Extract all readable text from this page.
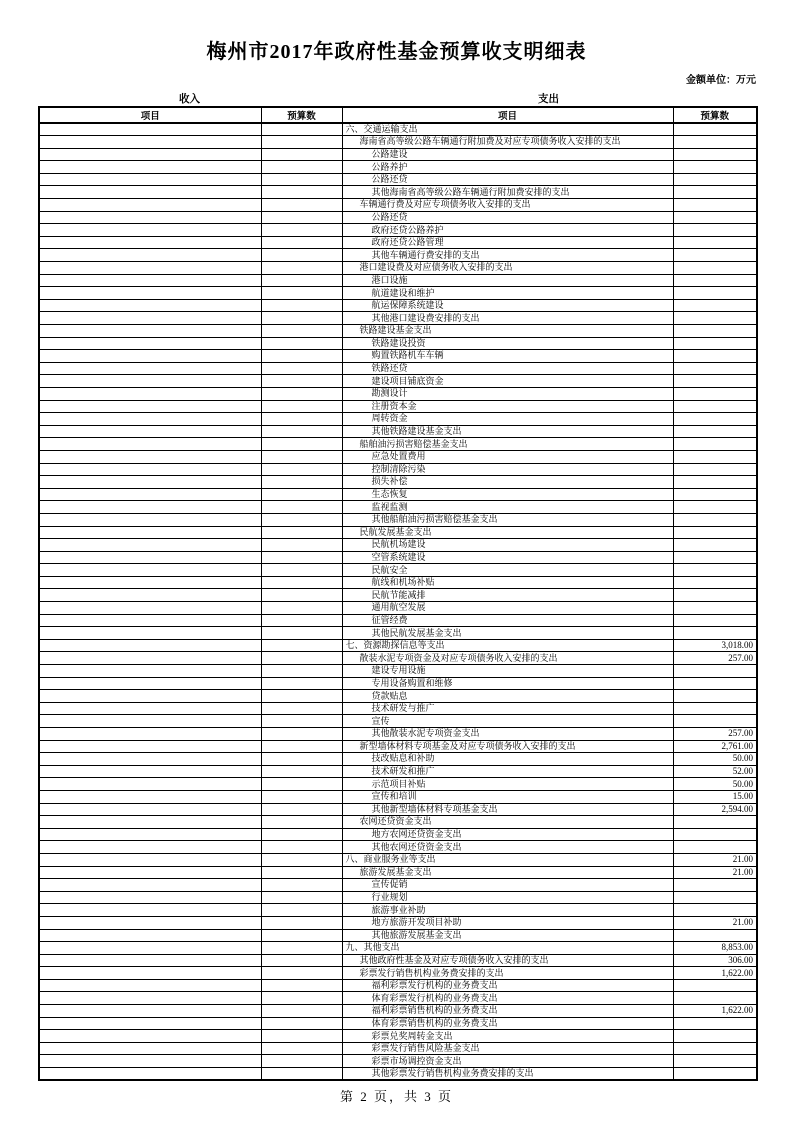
梅州市2017年政府性基金预算收支明细表
金额单位：万元
收入	支出
项目	预算数	项目	预算数
		六、交通运输支出	
		海南省高等级公路车辆通行附加费及对应专项债务收入安排的支出	
		公路建设	
		公路养护	
		公路还贷	
		其他海南省高等级公路车辆通行附加费安排的支出	
		车辆通行费及对应专项债务收入安排的支出	
		公路还贷	
		政府还贷公路养护	
		政府还贷公路管理	
		其他车辆通行费安排的支出	
		港口建设费及对应债务收入安排的支出	
		港口设施	
		航道建设和维护	
		航运保障系统建设	
		其他港口建设费安排的支出	
		铁路建设基金支出	
		铁路建设投资	
		购置铁路机车车辆	
		铁路还贷	
		建设项目铺底资金	
		勘测设计	
		注册资本金	
		周转资金	
		其他铁路建设基金支出	
		船舶油污损害赔偿基金支出	
		应急处置费用	
		控制清除污染	
		损失补偿	
		生态恢复	
		监视监测	
		其他船舶油污损害赔偿基金支出	
		民航发展基金支出	
		民航机场建设	
		空管系统建设	
		民航安全	
		航线和机场补贴	
		民航节能减排	
		通用航空发展	
		征管经费	
		其他民航发展基金支出	
		七、资源勘探信息等支出	3,018.00
		散装水泥专项资金及对应专项债务收入安排的支出	257.00
		建设专用设施	
		专用设备购置和维修	
		贷款贴息	
		技术研发与推广	
		宣传	
		其他散装水泥专项资金支出	257.00
		新型墙体材料专项基金及对应专项债务收入安排的支出	2,761.00
		技改贴息和补助	50.00
		技术研发和推广	52.00
		示范项目补贴	50.00
		宣传和培训	15.00
		其他新型墙体材料专项基金支出	2,594.00
		农网还贷资金支出	
		地方农网还贷资金支出	
		其他农网还贷资金支出	
		八、商业服务业等支出	21.00
		旅游发展基金支出	21.00
		宣传促销	
		行业规划	
		旅游事业补助	
		地方旅游开发项目补助	21.00
		其他旅游发展基金支出	
		九、其他支出	8,853.00
		其他政府性基金及对应专项债务收入安排的支出	306.00
		彩票发行销售机构业务费安排的支出	1,622.00
		福利彩票发行机构的业务费支出	
		体育彩票发行机构的业务费支出	
		福利彩票销售机构的业务费支出	1,622.00
		体育彩票销售机构的业务费支出	
		彩票兑奖周转金支出	
		彩票发行销售风险基金支出	
		彩票市场调控资金支出	
		其他彩票发行销售机构业务费安排的支出	
第 2 页，共 3 页
